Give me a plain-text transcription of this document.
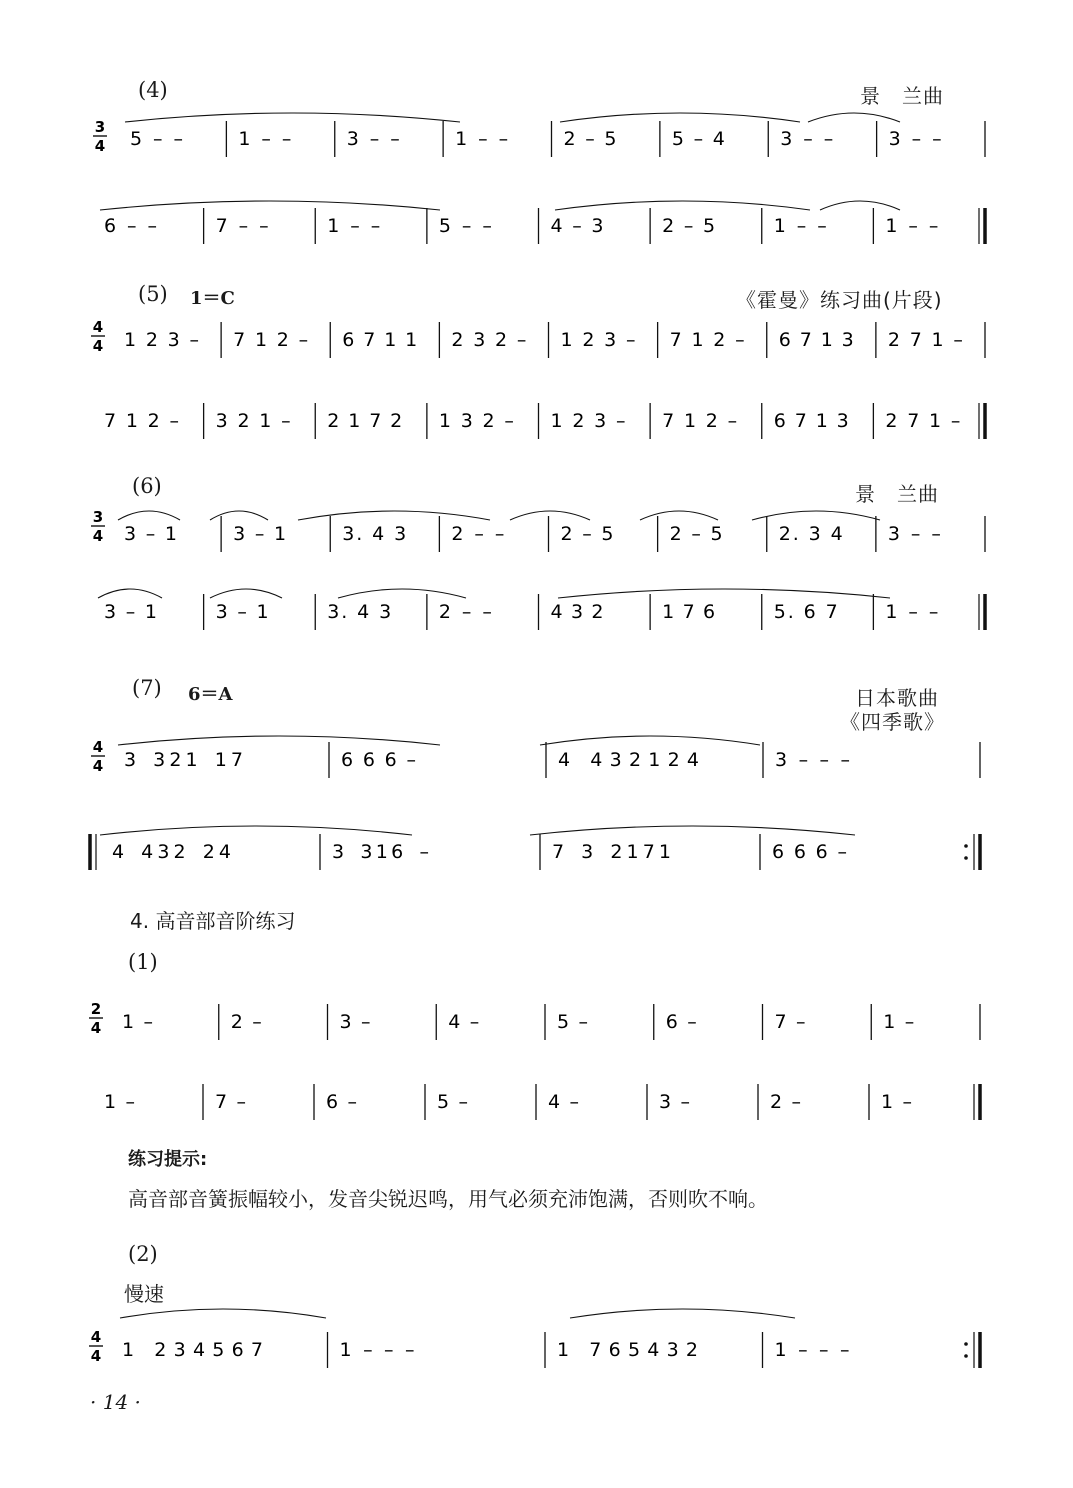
(4)	景　兰曲
(5) 1＝C	《霍曼》练习曲(片段)
(6)	景　兰曲
(7) 6＝A	日本歌曲
《四季歌》
4. 高音部音阶练习
(1)
练习提示:
高音部音簧振幅较小，发音尖锐迟鸣，用气必须充沛饱满，否则吹不响。
(2)
慢速
· 14 ·
3
4 5 – –	1 – –	3 – –	1 – –	2 – 5	5 – 4	3 – –	3 – –
6 – –	7 – –	1 – –	5 – –	4 – 3	2 – 5	1 – –	1 – –
4
4 1 2 3 – 7 1 2 – 6 7 1 1 2 3 2 – 1 2 3 – 7 1 2 – 6 7 1 3 2 7 1 –
7 1 2 – 3 2 1 – 2 1 7 2 1 3 2 – 1 2 3 – 7 1 2 – 6 7 1 3 2 7 1 –
3
4 3 – 1	3 – 1	3. 4 3 2 – –	2 – 5	2 – 5	2. 3 4 3 – –
3 – 1	3 – 1	3. 4 3 2 – –	4 3 2	1 7 6	5. 6 7 1 – –
4
4 3　3 2 1　1 7	6　6　6　–	4　4 3 2 1 2 4	3　–　–　–
4　4 3 2　2 4	3　3 1 6　–	7　3　2 1 7 1	6　6　6　–
2
4 1 –	2 –	3 –	4 –	5 –	6 –	7 –	1 –
1 –	7 –	6 –	5 –	4 –	3 –	2 –	1 –
4
4 1　2 3 4 5 6 7	1　–　–　–	1　7 6 5 4 3 2	1　–　–　–
